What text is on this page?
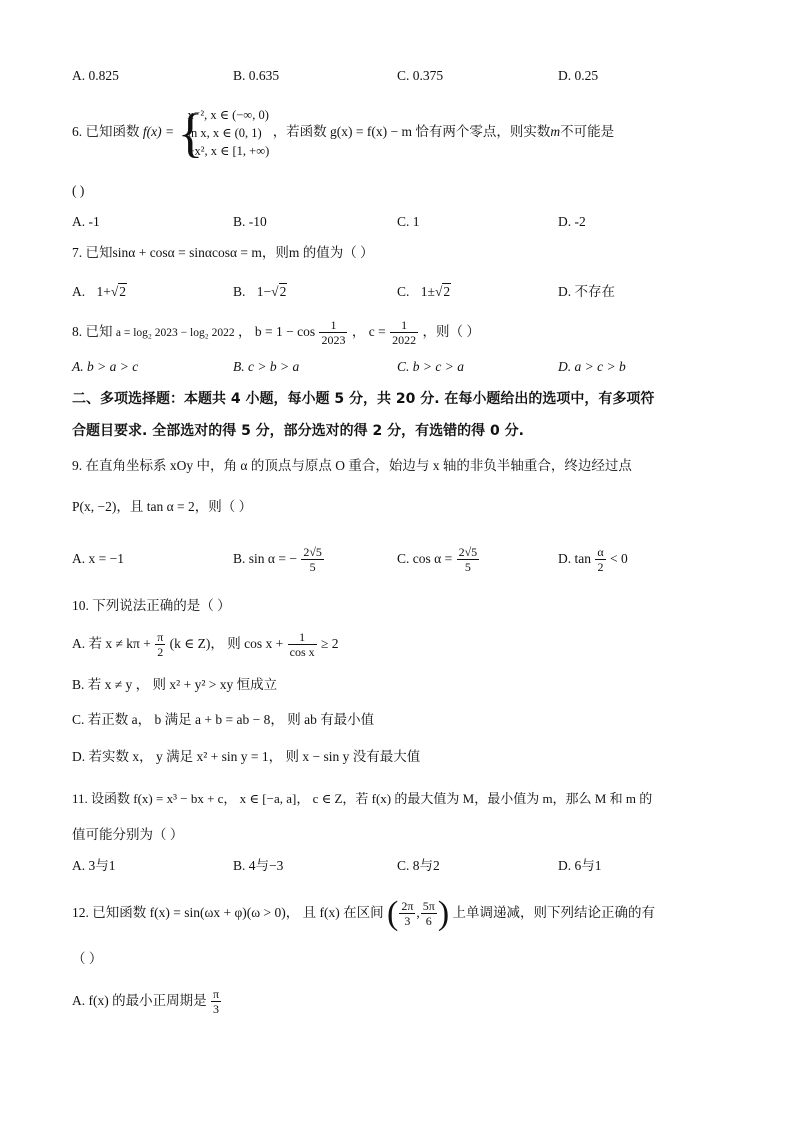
A. 0.825	B. 0.635	C. 0.375	D. 0.25
6. 已知函数 f(x) = {
x⁻², x ∈ (−∞, 0)
ln x, x ∈ (0, 1)
−x², x ∈ [1, +∞)
，若函数 g(x) = f(x) − m 恰有两个零点，则实数m不可能是
( )
A. -1	B. -10	C. 1	D. -2
7. 已知sinα + cosα = sinαcosα = m，则m 的值为（ ）
A. 1+√2	B. 1−√2	C. 1±√2	D. 不存在
8. 已知 a = log₂ 2023 − log₂ 2022 ， $b = 1 - \cos \frac{1}{2023}$ ， $c = \frac{1}{2022}$ ，则（ ）
A. b > a > c	B. c > b > a	C. b > c > a	D. a > c > b
二、多项选择题：本题共 4 小题，每小题 5 分，共 20 分. 在每小题给出的选项中，有多项符
合题目要求. 全部选对的得 5 分，部分选对的得 2 分，有选错的得 0 分.
9. 在直角坐标系 xOy 中，角 α 的顶点与原点 O 重合，始边与 x 轴的非负半轴重合，终边经过点
P(x, −2)，且 tan α = 2，则（ ）
A. x = −1	B. sin α = − $\frac{2√5}{5}$	C. $\cos \alpha = \frac{2√5}{5}$	D. $\tan \frac{\alpha}{2} < 0$
10. 下列说法正确的是（ ）
A. 若 $x \ne k\pi + \frac{\pi}{2} (k$ ∈ Z)， 则 $\cos x + \frac{1}{\text{cos x}} \ge 2$
B. 若 x ≠ y ， 则 x² + y² > xy 恒成立
C. 若正数 a， b 满足 a + b = ab − 8， 则 ab 有最小值
D. 若实数 x， y 满足 x² + sin y = 1， 则 x − sin y 没有最大值
11. 设函数 f(x) = x³ − bx + c， x ∈ [−a, a]， c ∈ Z，若 f(x) 的最大值为 M，最小值为 m，那么 M 和 m 的
值可能分别为（ ）
A. 3与1	B. 4与−3	C. 8与2	D. 6与1
12. 已知函数 f(x) = sin(ωx + φ)(ω > 0)， 且 f(x) 在区间 ( $\frac{2\pi}{3}$ , $\frac{5\pi}{6}$ ) 上单调递减，则下列结论正确的有
（ ）
A. f(x) 的最小正周期是 $\frac{\pi}{3}$
